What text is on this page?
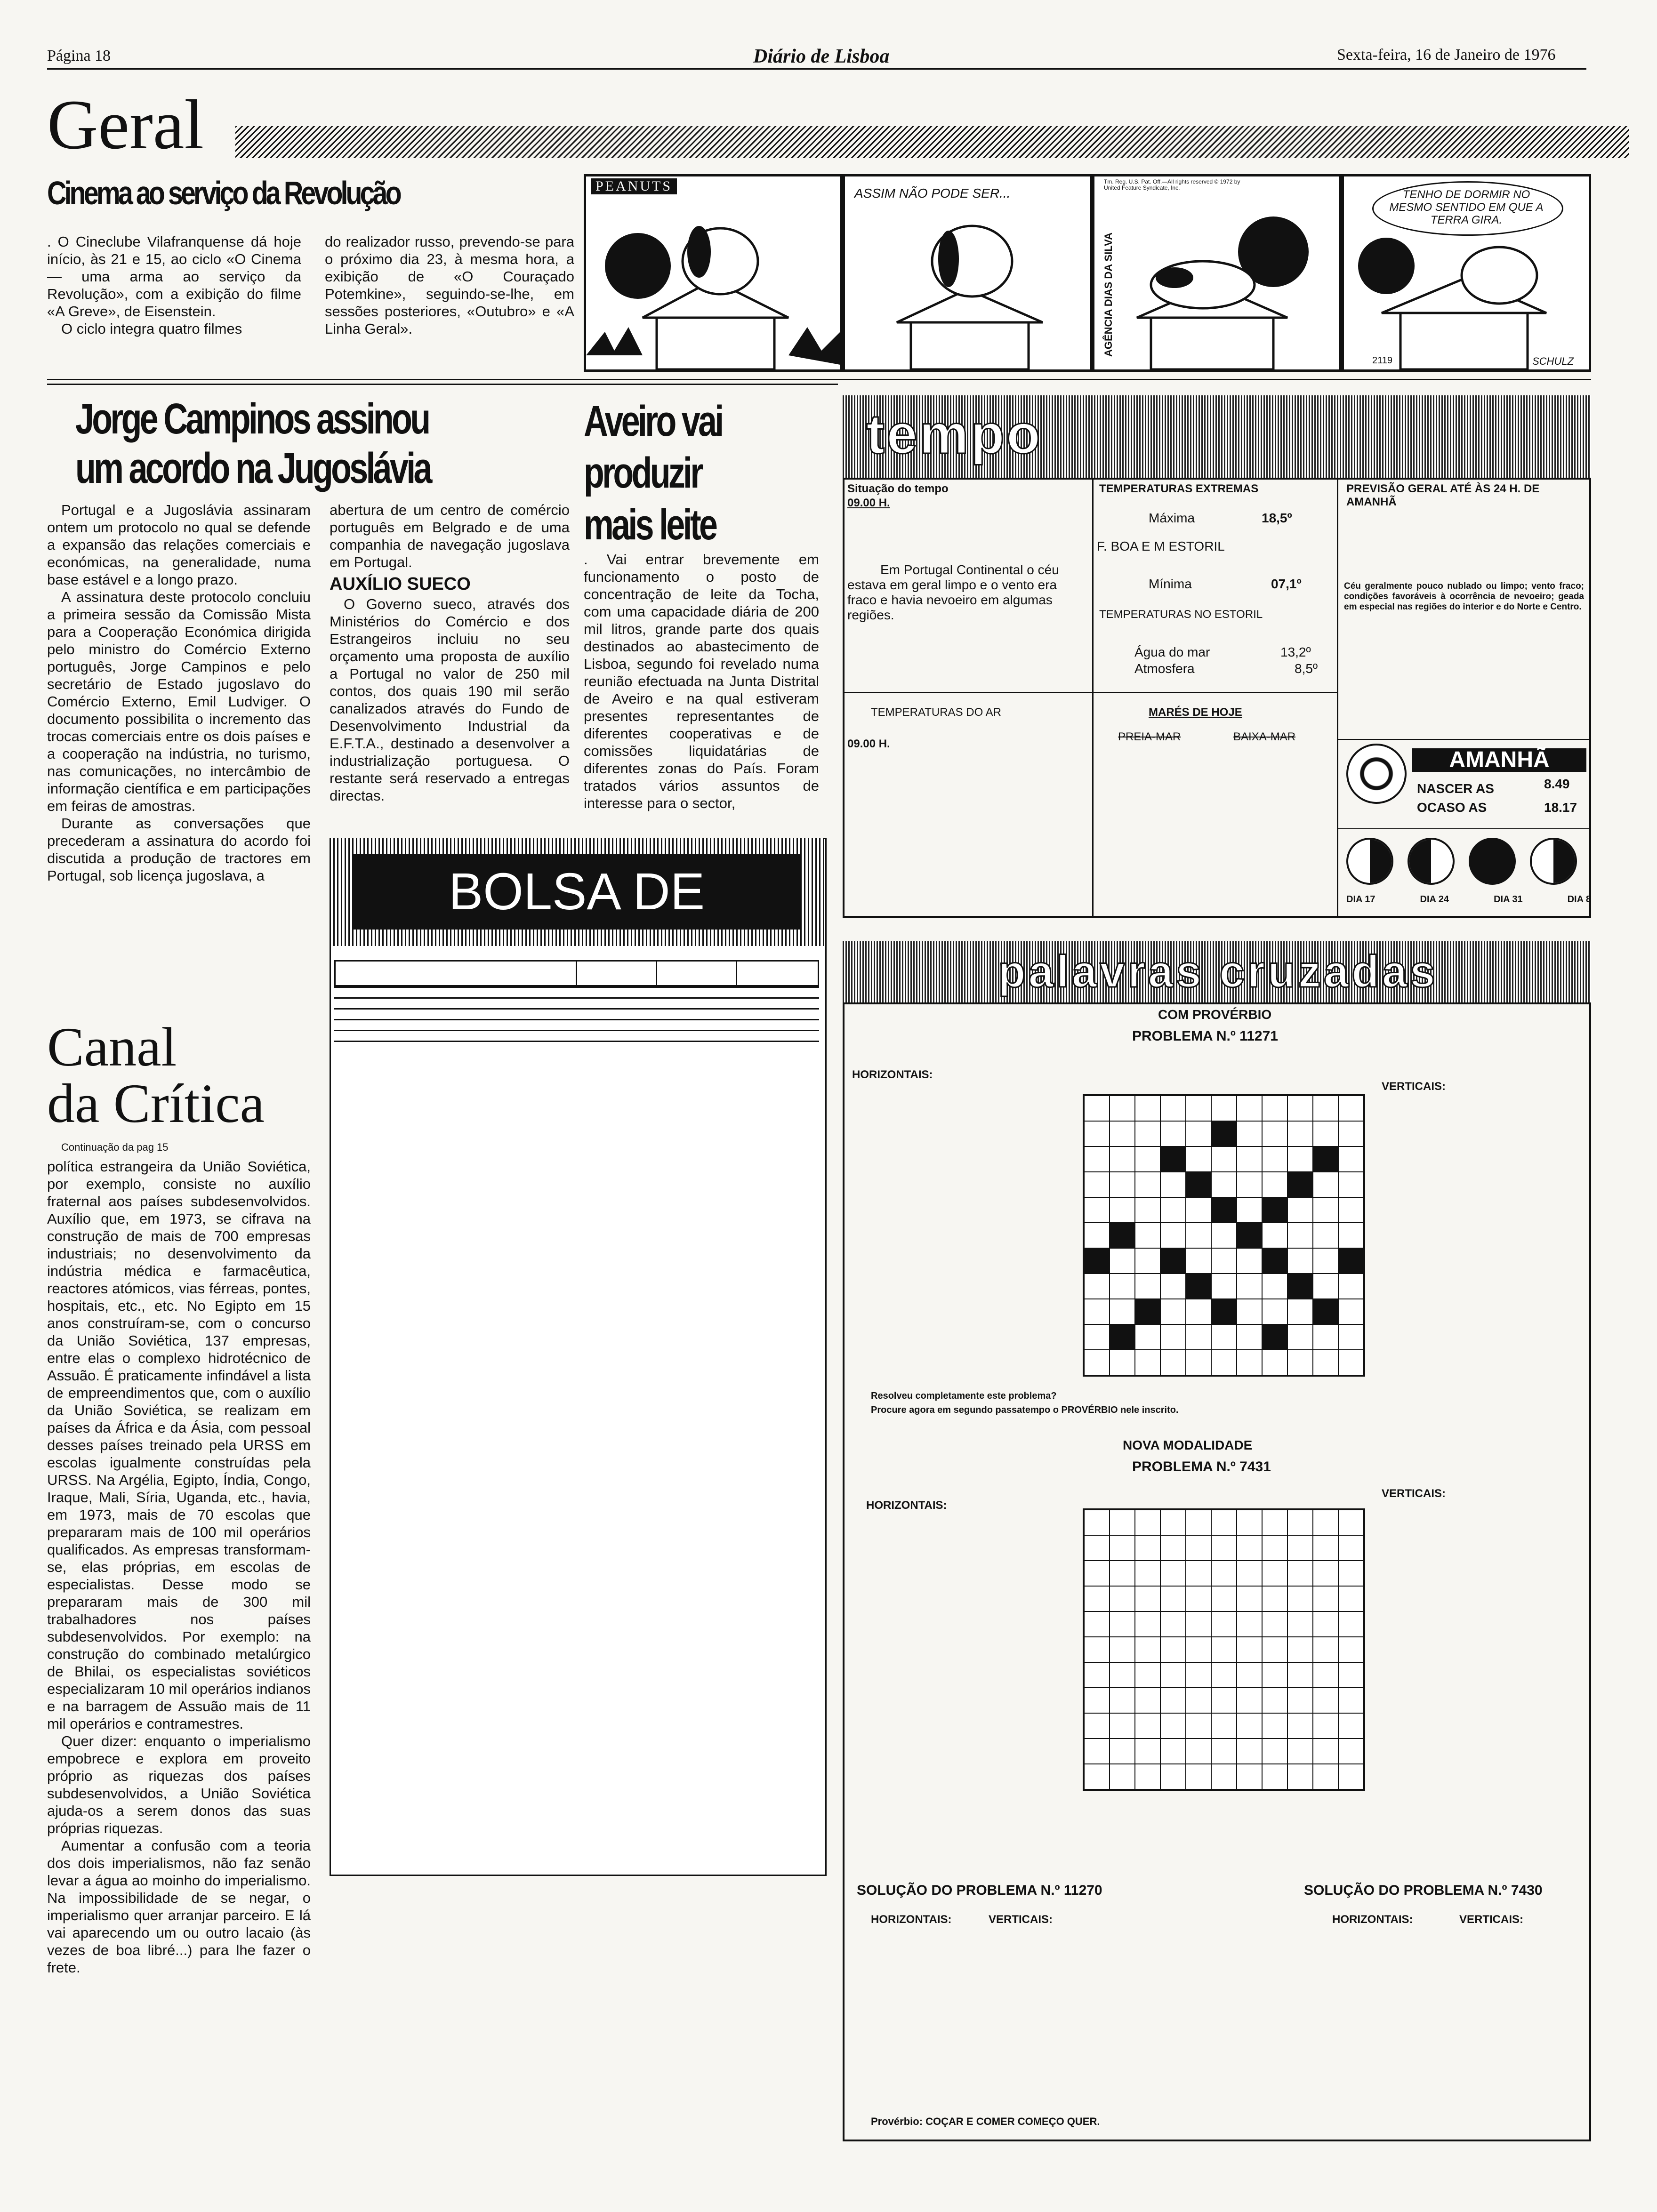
Página 18	Diário de Lisboa	Sexta-feira, 16 de Janeiro de 1976
Geral
Cinema ao serviço da Revolução

. O Cineclube Vilafranquense dá hoje início, às 21 e 15, ao ciclo «O Cinema — uma arma ao serviço da Revolução», com a exibição do filme «A Greve», de Eisenstein.

O ciclo integra quatro filmes

do realizador russo, prevendo-se para o próximo dia 23, à mesma hora, a exibição de «O Couraçado Potemkine», seguindo-se-lhe, em sessões posteriores, «Outubro» e «A Linha Geral».

PEANUTS	ASSIM NÃO PODE SER...
Tm. Reg. U.S. Pat. Off.—All rights reserved © 1972 by United Feature Syndicate, Inc.
AGÊNCIA DIAS DA SILVA
TENHO DE DORMIR NO MESMO SENTIDO EM QUE A TERRA GIRA.
2119	SCHULZ
Jorge Campinos assinou
um acordo na Jugoslávia

Portugal e a Jugoslávia assinaram ontem um protocolo no qual se defende a expansão das relações comerciais e económicas, na generalidade, numa base estável e a longo prazo.

A assinatura deste protocolo concluiu a primeira sessão da Comissão Mista para a Cooperação Económica dirigida pelo ministro do Comércio Externo português, Jorge Campinos e pelo secretário de Estado jugoslavo do Comércio Externo, Emil Ludviger. O documento possibilita o incremento das trocas comerciais entre os dois países e a cooperação na indústria, no turismo, nas comunicações, no intercâmbio de informação científica e em participações em feiras de amostras.

Durante as conversações que precederam a assinatura do acordo foi discutida a produção de tractores em Portugal, sob licença jugoslava, a

abertura de um centro de comércio português em Belgrado e de uma companhia de navegação jugoslava em Portugal.

AUXÍLIO SUECO

O Governo sueco, através dos Ministérios do Comércio e dos Estrangeiros incluiu no seu orçamento uma proposta de auxílio a Portugal no valor de 250 mil contos, dos quais 190 mil serão canalizados através do Fundo de Desenvolvimento Industrial da E.F.T.A., destinado a desenvolver a industrialização portuguesa. O restante será reservado a entregas directas.

Aveiro vai
produzir
mais leite

. Vai entrar brevemente em funcionamento o posto de concentração de leite da Tocha, com uma capacidade diária de 200 mil litros, grande parte dos quais destinados ao abastecimento de Lisboa, segundo foi revelado numa reunião efectuada na Junta Distrital de Aveiro e na qual estiveram presentes representantes de diferentes cooperativas e de comissões liquidatárias de diferentes zonas do País. Foram tratados vários assuntos de interesse para o sector,

BOLSA DE LISBOA
Canal
da Crítica
Continuação da pag 15

política estrangeira da União Soviética, por exemplo, consiste no auxílio fraternal aos países subdesenvolvidos. Auxílio que, em 1973, se cifrava na construção de mais de 700 empresas industriais; no desenvolvimento da indústria médica e farmacêutica, reactores atómicos, vias férreas, pontes, hospitais, etc., etc. No Egipto em 15 anos construíram-se, com o concurso da União Soviética, 137 empresas, entre elas o complexo hidrotécnico de Assuão. É praticamente infindável a lista de empreendimentos que, com o auxílio da União Soviética, se realizam em países da África e da Ásia, com pessoal desses países treinado pela URSS em escolas igualmente construídas pela URSS. Na Argélia, Egipto, Índia, Congo, Iraque, Mali, Síria, Uganda, etc., havia, em 1973, mais de 70 escolas que prepararam mais de 100 mil operários qualificados. As empresas transformam-se, elas próprias, em escolas de especialistas. Desse modo se prepararam mais de 300 mil trabalhadores nos países subdesenvolvidos. Por exemplo: na construção do combinado metalúrgico de Bhilai, os especialistas soviéticos especializaram 10 mil operários indianos e na barragem de Assuão mais de 11 mil operários e contramestres.

Quer dizer: enquanto o imperialismo empobrece e explora em proveito próprio as riquezas dos países subdesenvolvidos, a União Soviética ajuda-os a serem donos das suas próprias riquezas.

Aumentar a confusão com a teoria dos dois imperialismos, não faz senão levar a água ao moinho do imperialismo. Na impossibilidade de se negar, o imperialismo quer arranjar parceiro. E lá vai aparecendo um ou outro lacaio (às vezes de boa libré...) para lhe fazer o frete.

tempo
Situação do tempo
09.00 H.
Em Portugal Continental o céu estava em geral limpo e o vento era fraco e havia nevoeiro em algumas regiões.
TEMPERATURAS EXTREMAS
Máxima	18,5º
F. BOA E M ESTORIL
Mínima	07,1º
TEMPERATURAS NO ESTORIL
Água do mar	13,2º
Atmosfera	8,5º
PREVISÃO GERAL ATÉ ÀS 24 H. DE AMANHÃ
Céu geralmente pouco nublado ou limpo; vento fraco; condições favoráveis à ocorrência de nevoeiro; geada em especial nas regiões do interior e do Norte e Centro.
TEMPERATURAS DO AR
09.00 H.
MARÉS DE HOJE
PREIA-MAR	BAIXA-MAR
AMANHÃ
NASCER AS	8.49
OCASO AS	18.17
DIA 17	DIA 24	DIA 31	DIA 8
palavras cruzadas
COM PROVÉRBIO
PROBLEMA N.º 11271
HORIZONTAIS:
VERTICAIS:
Resolveu completamente este problema?
Procure agora em segundo passatempo o PROVÉRBIO nele inscrito.
NOVA MODALIDADE
PROBLEMA N.º 7431
HORIZONTAIS:
VERTICAIS:
SOLUÇÃO DO PROBLEMA N.º 11270
HORIZONTAIS:	VERTICAIS:
Provérbio: COÇAR E COMER COMEÇO QUER.
SOLUÇÃO DO PROBLEMA N.º 7430
HORIZONTAIS:	VERTICAIS:
